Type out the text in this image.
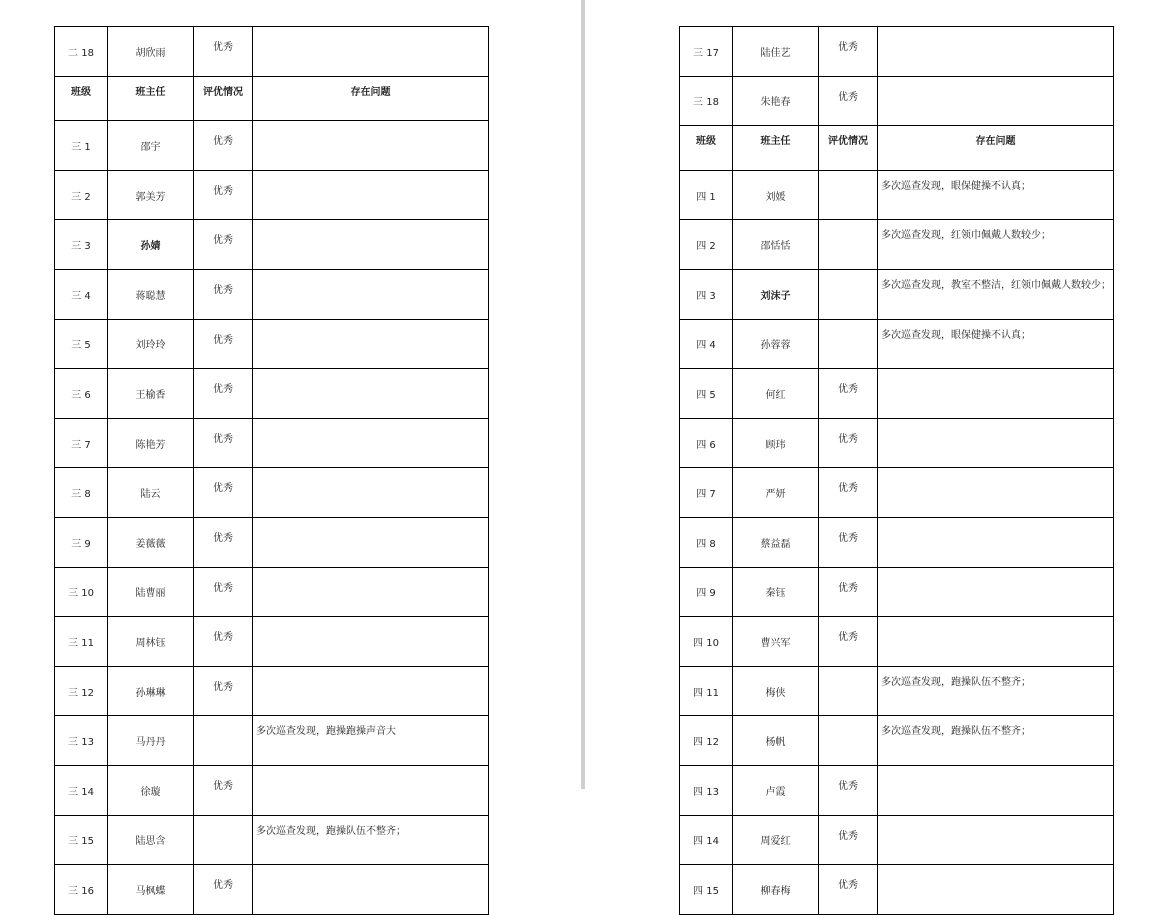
二 18	胡欣雨	优秀	
班级	班主任	评优情况	存在问题
三 1	邵宇	优秀	
三 2	郭美芳	优秀	
三 3	孙婧	优秀	
三 4	蒋聪慧	优秀	
三 5	刘玲玲	优秀	
三 6	王榆香	优秀	
三 7	陈艳芳	优秀	
三 8	陆云	优秀	
三 9	姜薇薇	优秀	
三 10	陆曹丽	优秀	
三 11	周林钰	优秀	
三 12	孙琳琳	优秀	
三 13	马丹丹		多次巡查发现，跑操跑操声音大
三 14	徐璇	优秀	
三 15	陆思含		多次巡查发现，跑操队伍不整齐；
三 16	马枫蝶	优秀	
三 17	陆佳艺	优秀	
三 18	朱艳春	优秀	
班级	班主任	评优情况	存在问题
四 1	刘媛		多次巡查发现，眼保健操不认真；
四 2	邵恬恬		多次巡查发现，红领巾佩戴人数较少；
四 3	刘沫子		多次巡查发现，教室不整洁，红领巾佩戴人数较少；
四 4	孙蓉蓉		多次巡查发现，眼保健操不认真；
四 5	何红	优秀	
四 6	顾玮	优秀	
四 7	严妍	优秀	
四 8	蔡益磊	优秀	
四 9	秦钰	优秀	
四 10	曹兴军	优秀	
四 11	梅侠		多次巡查发现，跑操队伍不整齐；
四 12	杨帆		多次巡查发现，跑操队伍不整齐；
四 13	卢霞	优秀	
四 14	周爱红	优秀	
四 15	柳春梅	优秀	
